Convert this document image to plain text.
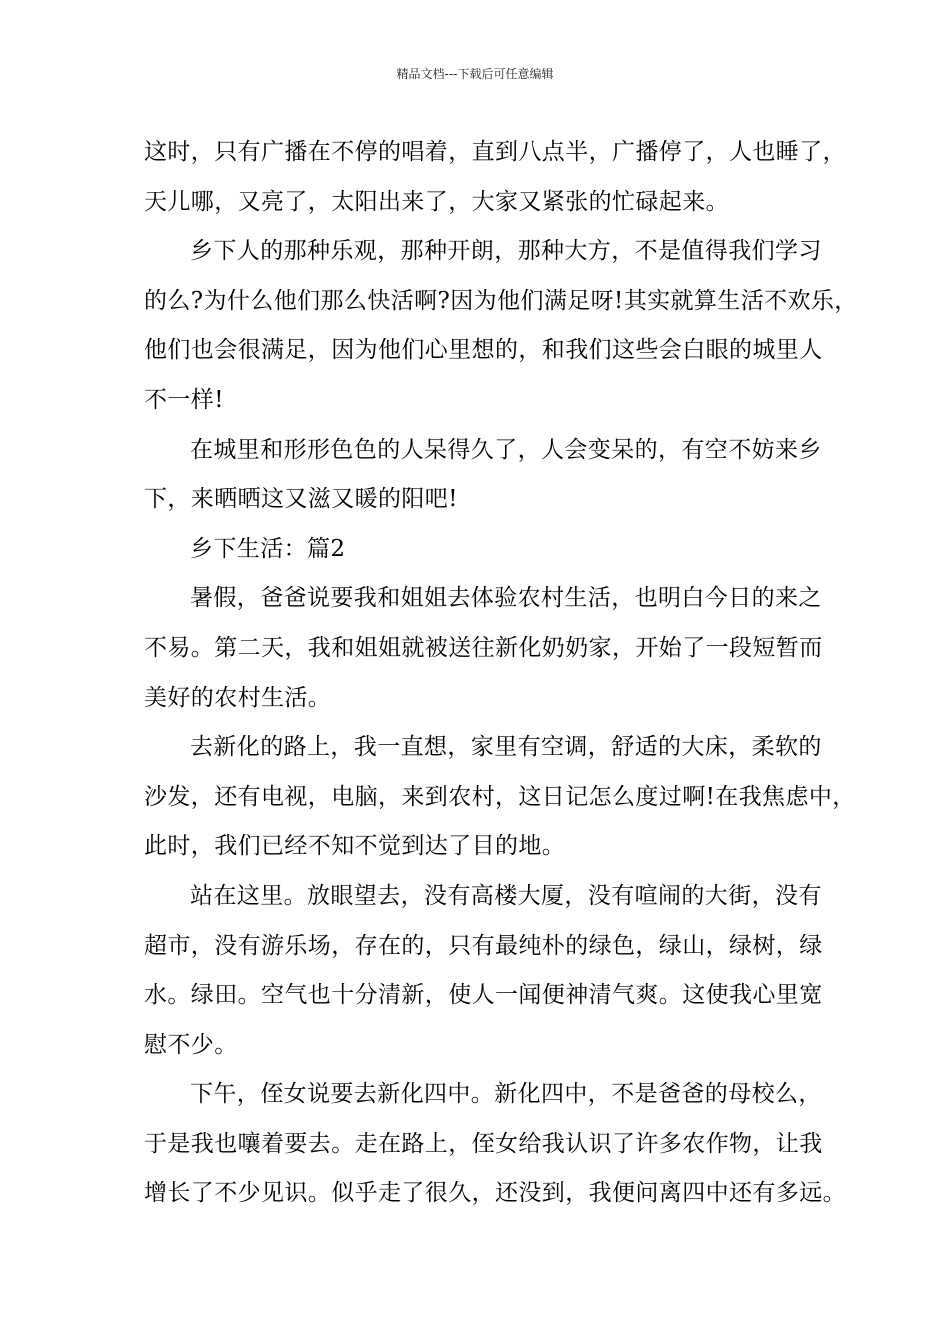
精品文档---下载后可任意编辑
这时，只有广播在不停的唱着，直到八点半，广播停了，人也睡了，
天儿哪，又亮了，太阳出来了，大家又紧张的忙碌起来。
乡下人的那种乐观，那种开朗，那种大方，不是值得我们学习
的么?为什么他们那么快活啊?因为他们满足呀!其实就算生活不欢乐，
他们也会很满足，因为他们心里想的，和我们这些会白眼的城里人
不一样!
在城里和形形色色的人呆得久了，人会变呆的，有空不妨来乡
下，来晒晒这又滋又暖的阳吧!
乡下生活：篇2
暑假，爸爸说要我和姐姐去体验农村生活，也明白今日的来之
不易。第二天，我和姐姐就被送往新化奶奶家，开始了一段短暂而
美好的农村生活。
去新化的路上，我一直想，家里有空调，舒适的大床，柔软的
沙发，还有电视，电脑，来到农村，这日记怎么度过啊!在我焦虑中，
此时，我们已经不知不觉到达了目的地。
站在这里。放眼望去，没有高楼大厦，没有喧闹的大街，没有
超市，没有游乐场，存在的，只有最纯朴的绿色，绿山，绿树，绿
水。绿田。空气也十分清新，使人一闻便神清气爽。这使我心里宽
慰不少。
下午，侄女说要去新化四中。新化四中，不是爸爸的母校么，
于是我也嚷着要去。走在路上，侄女给我认识了许多农作物，让我
增长了不少见识。似乎走了很久，还没到，我便问离四中还有多远。
